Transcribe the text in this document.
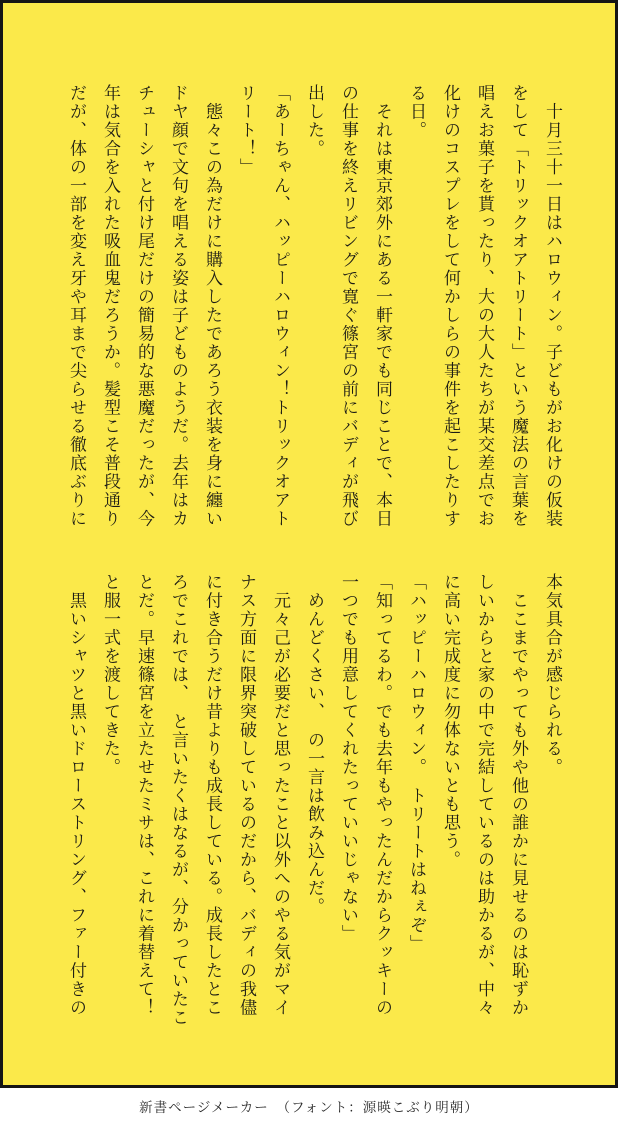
　十月三十一日はハロウィン。子どもがお化けの仮装
をして「トリックオアトリート」という魔法の言葉を
唱えお菓子を貰ったり、大の大人たちが某交差点でお
化けのコスプレをして何かしらの事件を起こしたりす
る日。
　それは東京郊外にある一軒家でも同じことで、本日
の仕事を終えリビングで寛ぐ篠宮の前にバディが飛び
出した。
「あーちゃん、ハッピーハロウィン！トリックオアト
リート！」
　態々この為だけに購入したであろう衣装を身に纏い
ドヤ顔で文句を唱える姿は子どものようだ。去年はカ
チューシャと付け尾だけの簡易的な悪魔だったが、今
年は気合を入れた吸血鬼だろうか。髪型こそ普段通り
だが、体の一部を変え牙や耳まで尖らせる徹底ぶりに
本気具合が感じられる。
　ここまでやっても外や他の誰かに見せるのは恥ずか
しいからと家の中で完結しているのは助かるが、中々
に高い完成度に勿体ないとも思う。
「ハッピーハロウィン。　トリートはねぇぞ」
「知ってるわ。でも去年もやったんだからクッキーの
一つでも用意してくれたっていいじゃない」
　めんどくさい、　の一言は飲み込んだ。
　元々己が必要だと思ったこと以外へのやる気がマイ
ナス方面に限界突破しているのだから、バディの我儘
に付き合うだけ昔よりも成長している。成長したとこ
ろでこれでは、　と言いたくはなるが、分かっていたこ
とだ。早速篠宮を立たせたミサは、これに着替えて！
と服一式を渡してきた。
　黒いシャツと黒いドローストリング、ファー付きの
新書ページメーカー　（フォント：源暎こぶり明朝）
